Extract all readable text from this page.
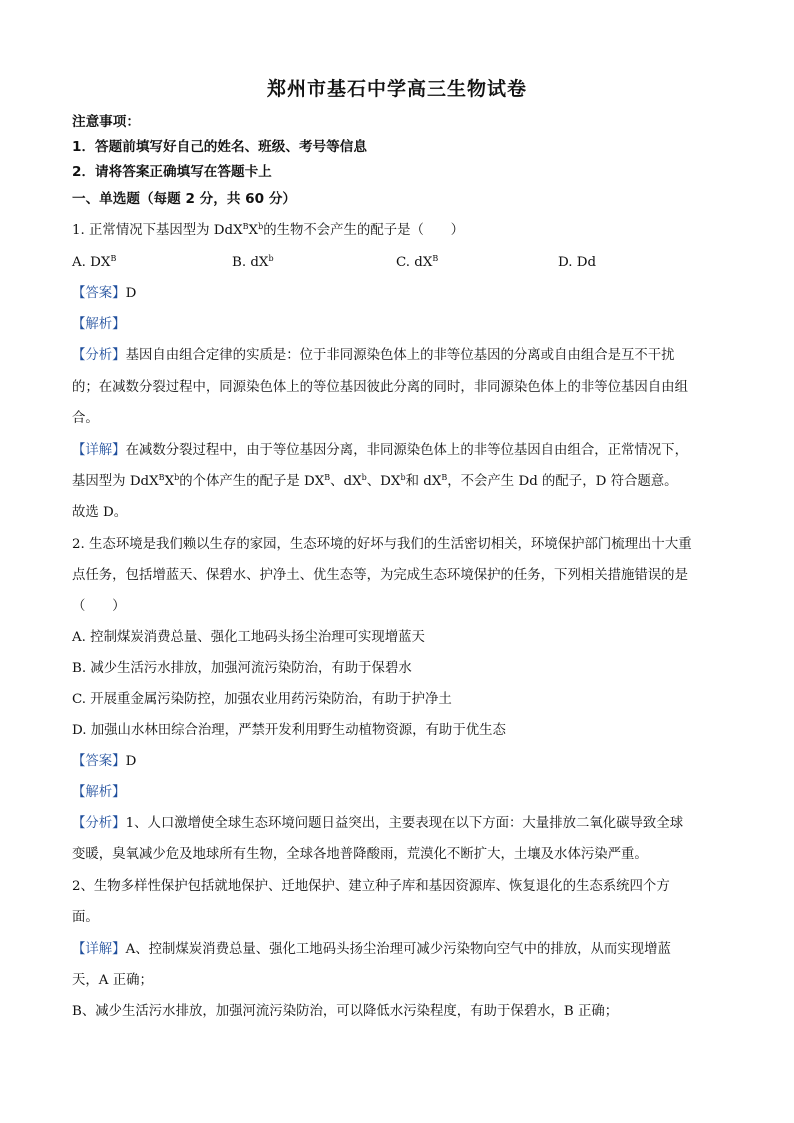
郑州市基石中学高三生物试卷
注意事项：
1．答题前填写好自己的姓名、班级、考号等信息
2．请将答案正确填写在答题卡上
一、单选题（每题 2 分，共 60 分）
1. 正常情况下基因型为 $DdX^BX^b$的生物不会产生的配子是（　　）
A. $DX^B$	B. $dX^b$	C. $dX^B$	D. Dd
【答案】D
【解析】
【分析】基因自由组合定律的实质是：位于非同源染色体上的非等位基因的分离或自由组合是互不干扰
的；在减数分裂过程中，同源染色体上的等位基因彼此分离的同时，非同源染色体上的非等位基因自由组
合。
【详解】在减数分裂过程中，由于等位基因分离，非同源染色体上的非等位基因自由组合，正常情况下，
基因型为 $DdX^BX^b$的个体产生的配子是 $DX^B$、$dX^b$、$DX^b$和 $dX^B$，不会产生 Dd 的配子，D 符合题意。
故选 D。
2. 生态环境是我们赖以生存的家园，生态环境的好坏与我们的生活密切相关，环境保护部门梳理出十大重
点任务，包括增蓝天、保碧水、护净土、优生态等，为完成生态环境保护的任务，下列相关措施错误的是
（　　）
A. 控制煤炭消费总量、强化工地码头扬尘治理可实现增蓝天
B. 减少生活污水排放，加强河流污染防治，有助于保碧水
C. 开展重金属污染防控，加强农业用药污染防治，有助于护净土
D. 加强山水林田综合治理，严禁开发利用野生动植物资源，有助于优生态
【答案】D
【解析】
【分析】1、人口激增使全球生态环境问题日益突出，主要表现在以下方面：大量排放二氧化碳导致全球
变暖，臭氧减少危及地球所有生物，全球各地普降酸雨，荒漠化不断扩大，土壤及水体污染严重。
2、生物多样性保护包括就地保护、迁地保护、建立种子库和基因资源库、恢复退化的生态系统四个方
面。
【详解】A、控制煤炭消费总量、强化工地码头扬尘治理可减少污染物向空气中的排放，从而实现增蓝
天，A 正确；
B、减少生活污水排放，加强河流污染防治，可以降低水污染程度，有助于保碧水，B 正确；
